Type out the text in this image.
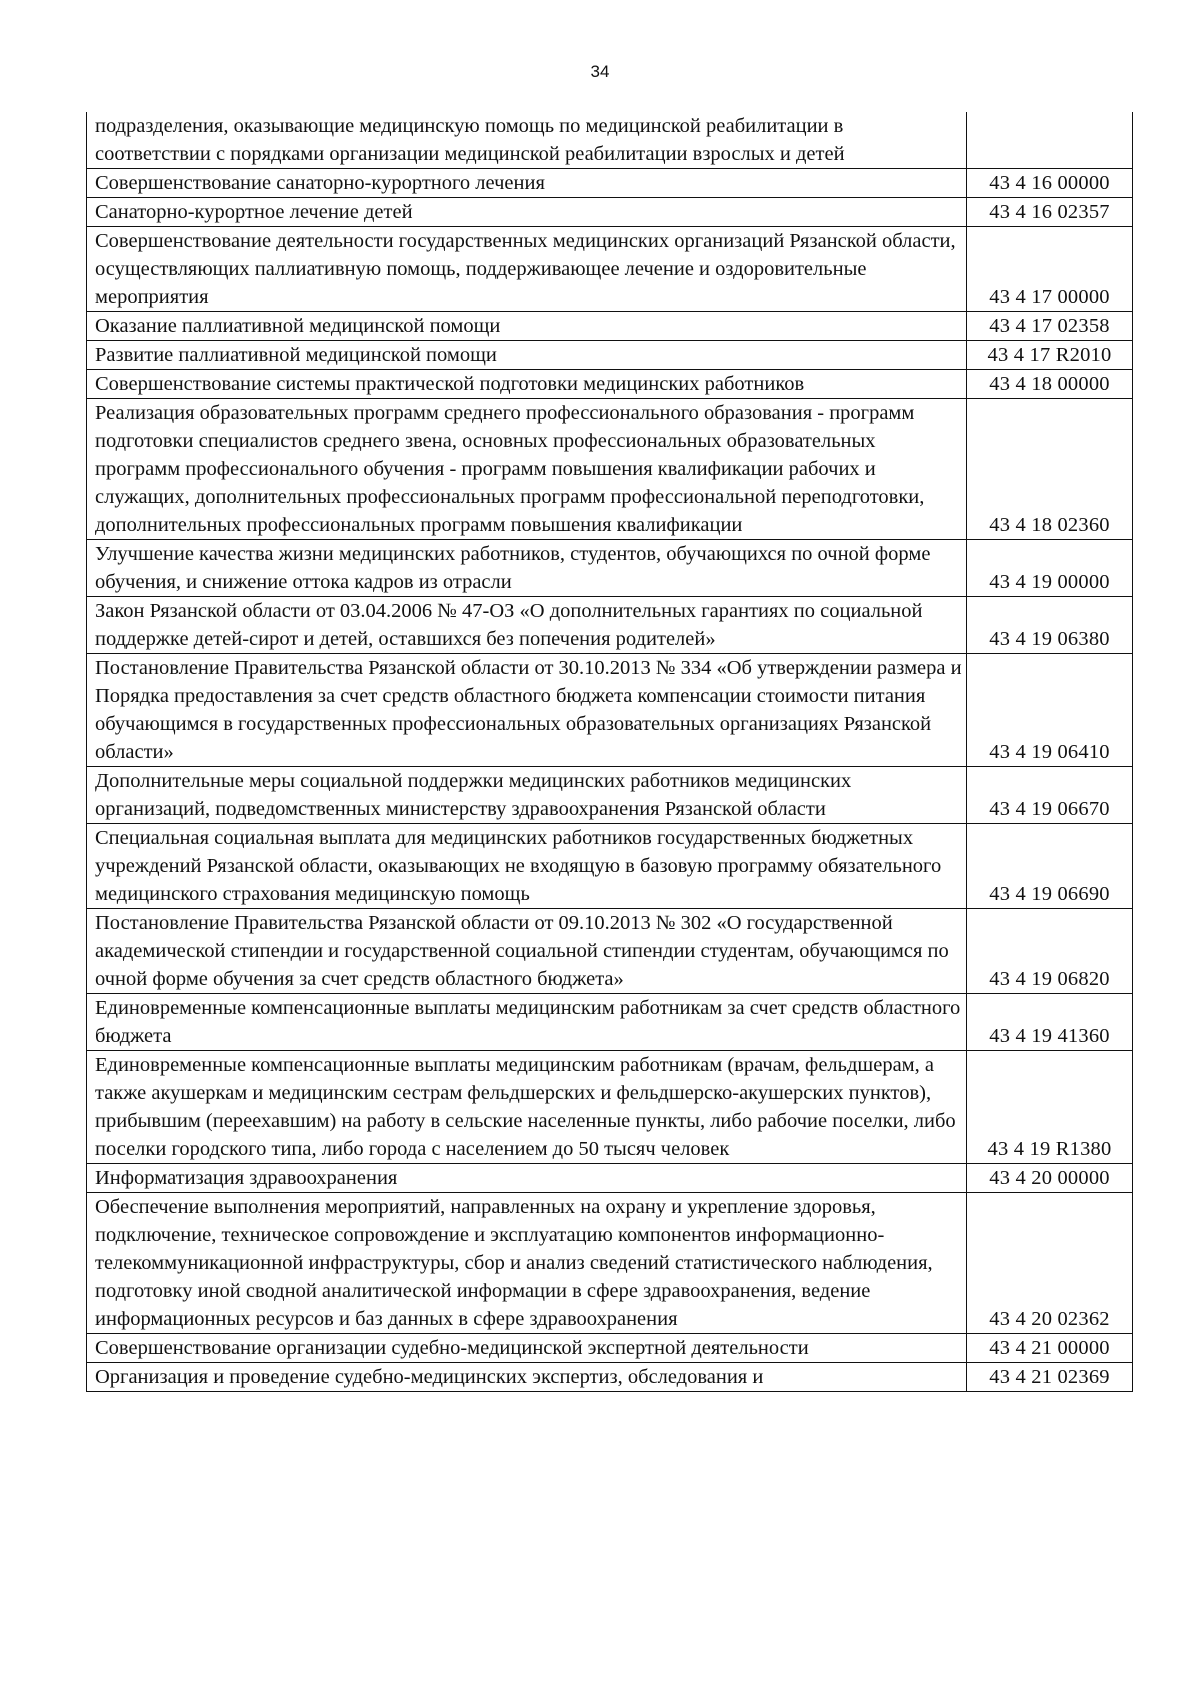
34
подразделения, оказывающие медицинскую помощь по медицинской реабилитации в соответствии с порядками организации медицинской реабилитации взрослых и детей	
Совершенствование санаторно-курортного лечения	43 4 16 00000
Санаторно-курортное лечение детей	43 4 16 02357
Совершенствование деятельности государственных медицинских организаций Рязанской области, осуществляющих паллиативную помощь, поддерживающее лечение и оздоровительные мероприятия	43 4 17 00000
Оказание паллиативной медицинской помощи	43 4 17 02358
Развитие паллиативной медицинской помощи	43 4 17 R2010
Совершенствование системы практической подготовки медицинских работников	43 4 18 00000
Реализация образовательных программ среднего профессионального образования - программ подготовки специалистов среднего звена, основных профессиональных образовательных программ профессионального обучения - программ повышения квалификации рабочих и служащих, дополнительных профессиональных программ профессиональной переподготовки, дополнительных профессиональных программ повышения квалификации	43 4 18 02360
Улучшение качества жизни медицинских работников, студентов, обучающихся по очной форме обучения, и снижение оттока кадров из отрасли	43 4 19 00000
Закон Рязанской области от 03.04.2006 № 47-ОЗ «О дополнительных гарантиях по социальной поддержке детей-сирот и детей, оставшихся без попечения родителей»	43 4 19 06380
Постановление Правительства Рязанской области от 30.10.2013 № 334 «Об утверждении размера и Порядка предоставления за счет средств областного бюджета компенсации стоимости питания обучающимся в государственных профессиональных образовательных организациях Рязанской области»	43 4 19 06410
Дополнительные меры социальной поддержки медицинских работников медицинских организаций, подведомственных министерству здравоохранения Рязанской области	43 4 19 06670
Специальная социальная выплата для медицинских работников государственных бюджетных учреждений Рязанской области, оказывающих не входящую в базовую программу обязательного медицинского страхования медицинскую помощь	43 4 19 06690
Постановление Правительства Рязанской области от 09.10.2013 № 302 «О государственной академической стипендии и государственной социальной стипендии студентам, обучающимся по очной форме обучения за счет средств областного бюджета»	43 4 19 06820
Единовременные компенсационные выплаты медицинским работникам за счет средств областного бюджета	43 4 19 41360
Единовременные компенсационные выплаты медицинским работникам (врачам, фельдшерам, а также акушеркам и медицинским сестрам фельдшерских и фельдшерско-акушерских пунктов), прибывшим (переехавшим) на работу в сельские населенные пункты, либо рабочие поселки, либо поселки городского типа, либо города с населением до 50 тысяч человек	43 4 19 R1380
Информатизация здравоохранения	43 4 20 00000
Обеспечение выполнения мероприятий, направленных на охрану и укрепление здоровья, подключение, техническое сопровождение и эксплуатацию компонентов информационно-телекоммуникационной инфраструктуры, сбор и анализ сведений статистического наблюдения, подготовку иной сводной аналитической информации в сфере здравоохранения, ведение информационных ресурсов и баз данных в сфере здравоохранения	43 4 20 02362
Совершенствование организации судебно-медицинской экспертной деятельности	43 4 21 00000
Организация и проведение судебно-медицинских экспертиз, обследования и	43 4 21 02369
